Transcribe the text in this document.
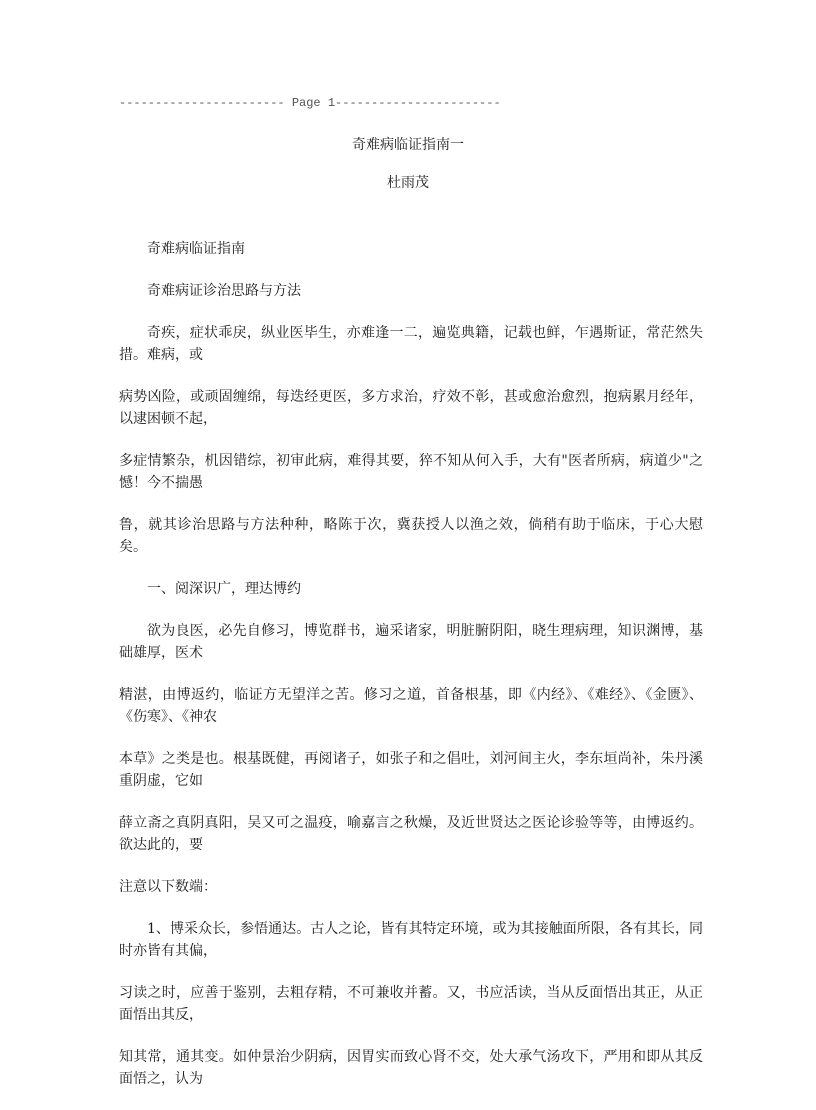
----------------------- Page 1-----------------------
奇难病临证指南一
杜雨茂

奇难病临证指南

奇难病证诊治思路与方法

奇疾，症状乖戾，纵业医毕生，亦难逢一二，遍览典籍，记载也鲜，乍遇斯证，常茫然失措。难病，或

病势凶险，或顽固缠绵，每迭经更医，多方求治，疗效不彰，甚或愈治愈烈，抱病累月经年，以逮困顿不起，

多症情繁杂，机因错综，初审此病，难得其要，猝不知从何入手，大有"医者所病，病道少"之憾！今不揣愚

鲁，就其诊治思路与方法种种，略陈于次，冀获授人以渔之效，倘稍有助于临床，于心大慰矣。

一、阅深识广，理达博约

欲为良医，必先自修习，博览群书，遍采诸家，明脏腑阴阳，晓生理病理，知识渊博，基础雄厚，医术

精湛，由博返约，临证方无望洋之苦。修习之道，首备根基，即《内经》、《难经》、《金匮》、《伤寒》、《神农

本草》之类是也。根基既健，再阅诸子，如张子和之倡吐，刘河间主火，李东垣尚补，朱丹溪重阴虚，它如

薛立斋之真阴真阳，吴又可之温疫，喻嘉言之秋燥，及近世贤达之医论诊验等等，由博返约。欲达此的，要

注意以下数端：

1、博采众长，参悟通达。古人之论，皆有其特定环境，或为其接触面所限，各有其长，同时亦皆有其偏，

习读之时，应善于鉴别，去粗存精，不可兼收并蓄。又，书应活读，当从反面悟出其正，从正面悟出其反，

知其常，通其变。如仲景治少阴病，因胃实而致心肾不交，处大承气汤攻下，严用和即从其反面悟之，认为
